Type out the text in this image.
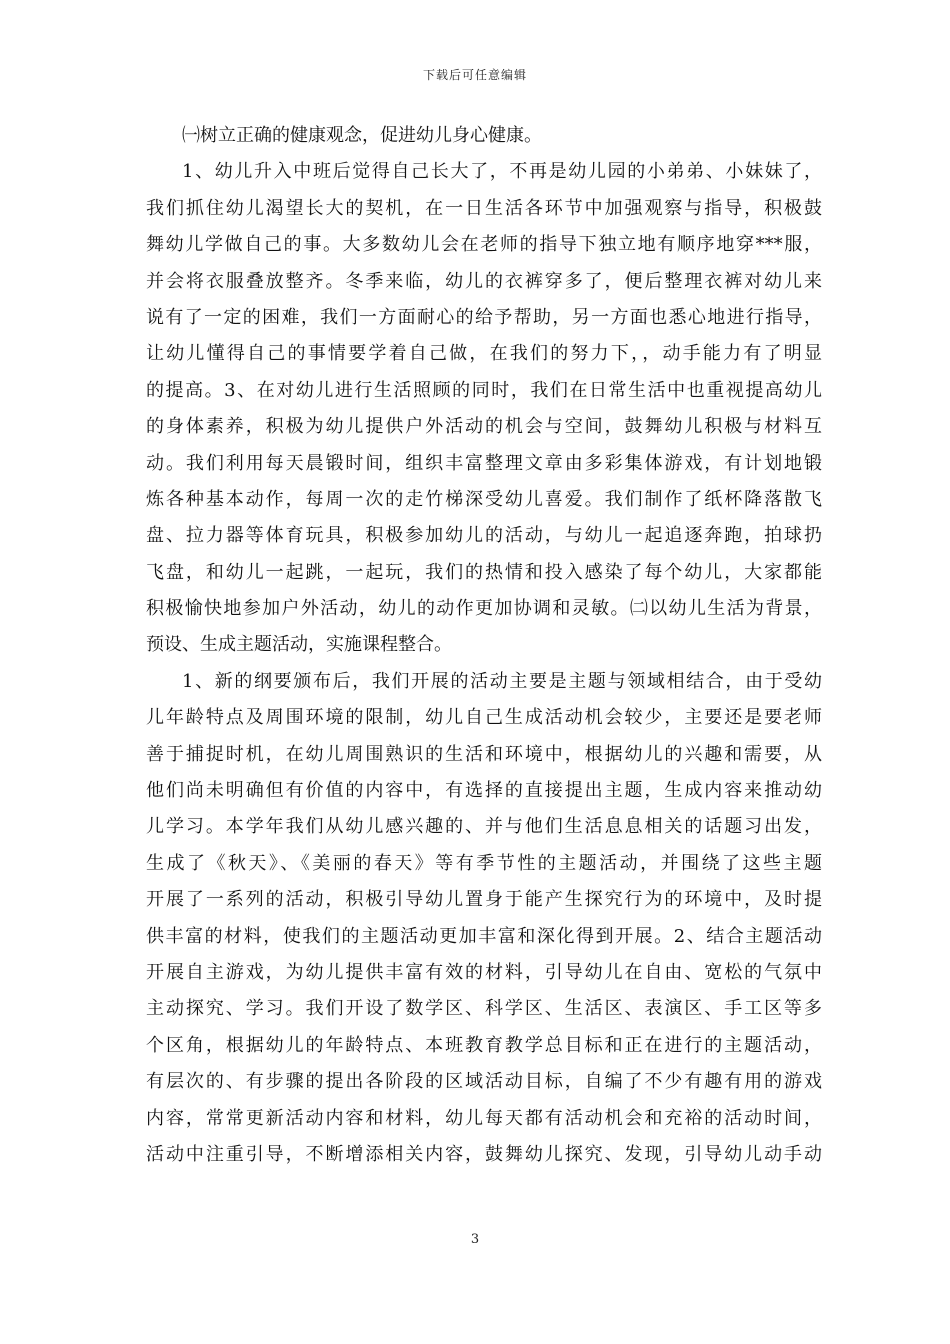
下载后可任意编辑
㈠树立正确的健康观念，促进幼儿身心健康。
1、幼儿升入中班后觉得自己长大了，不再是幼儿园的小弟弟、小妹妹了，
我们抓住幼儿渴望长大的契机，在一日生活各环节中加强观察与指导，积极鼓
舞幼儿学做自己的事。大多数幼儿会在老师的指导下独立地有顺序地穿***服，
并会将衣服叠放整齐。冬季来临，幼儿的衣裤穿多了，便后整理衣裤对幼儿来
说有了一定的困难，我们一方面耐心的给予帮助，另一方面也悉心地进行指导，
让幼儿懂得自己的事情要学着自己做，在我们的努力下，，动手能力有了明显
的提高。3、在对幼儿进行生活照顾的同时，我们在日常生活中也重视提高幼儿
的身体素养，积极为幼儿提供户外活动的机会与空间，鼓舞幼儿积极与材料互
动。我们利用每天晨锻时间，组织丰富整理文章由多彩集体游戏，有计划地锻
炼各种基本动作，每周一次的走竹梯深受幼儿喜爱。我们制作了纸杯降落散飞
盘、拉力器等体育玩具，积极参加幼儿的活动，与幼儿一起追逐奔跑，拍球扔
飞盘，和幼儿一起跳，一起玩，我们的热情和投入感染了每个幼儿，大家都能
积极愉快地参加户外活动，幼儿的动作更加协调和灵敏。㈡以幼儿生活为背景，
预设、生成主题活动，实施课程整合。
1、新的纲要颁布后，我们开展的活动主要是主题与领域相结合，由于受幼
儿年龄特点及周围环境的限制，幼儿自己生成活动机会较少，主要还是要老师
善于捕捉时机，在幼儿周围熟识的生活和环境中，根据幼儿的兴趣和需要，从
他们尚未明确但有价值的内容中，有选择的直接提出主题，生成内容来推动幼
儿学习。本学年我们从幼儿感兴趣的、并与他们生活息息相关的话题习出发，
生成了《秋天》、《美丽的春天》等有季节性的主题活动，并围绕了这些主题
开展了一系列的活动，积极引导幼儿置身于能产生探究行为的环境中，及时提
供丰富的材料，使我们的主题活动更加丰富和深化得到开展。2、结合主题活动
开展自主游戏，为幼儿提供丰富有效的材料，引导幼儿在自由、宽松的气氛中
主动探究、学习。我们开设了数学区、科学区、生活区、表演区、手工区等多
个区角，根据幼儿的年龄特点、本班教育教学总目标和正在进行的主题活动，
有层次的、有步骤的提出各阶段的区域活动目标，自编了不少有趣有用的游戏
内容，常常更新活动内容和材料，幼儿每天都有活动机会和充裕的活动时间，
活动中注重引导，不断增添相关内容，鼓舞幼儿探究、发现，引导幼儿动手动
3
